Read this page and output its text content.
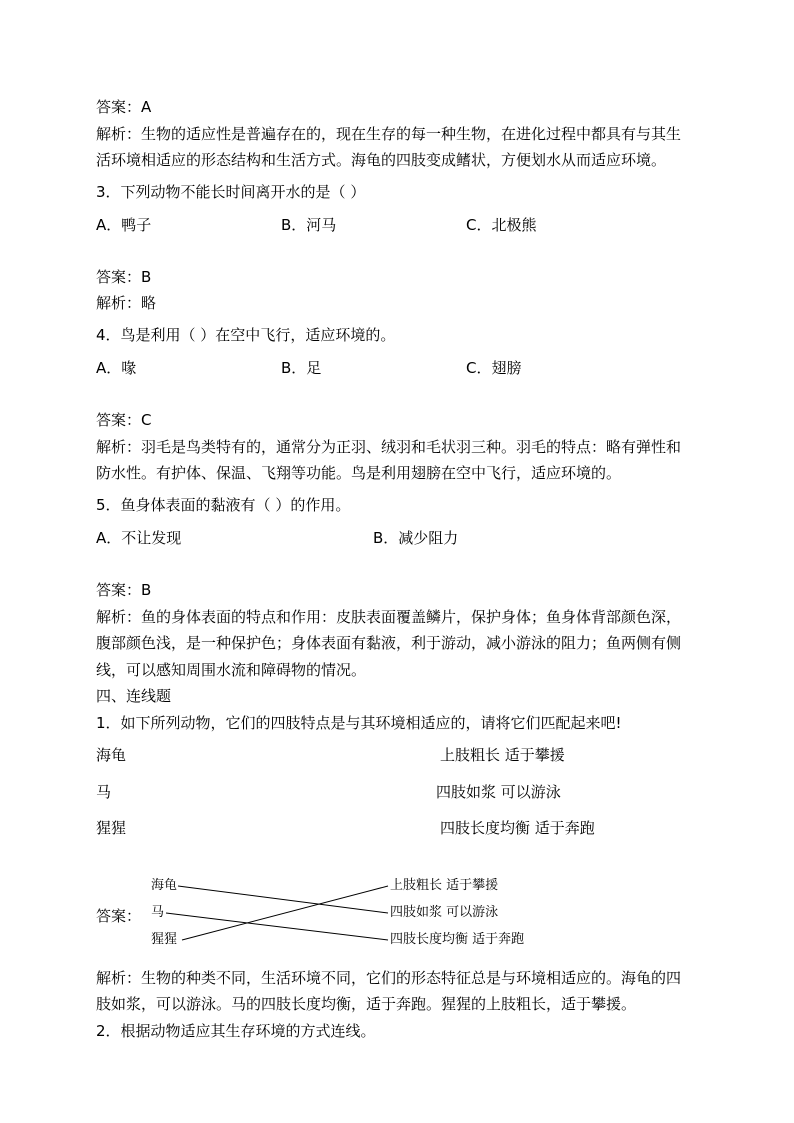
答案：A
解析：生物的适应性是普遍存在的，现在生存的每一种生物，在进化过程中都具有与其生
活环境相适应的形态结构和生活方式。海龟的四肢变成鳍状，方便划水从而适应环境。
3．下列动物不能长时间离开水的是（ ）
A．鸭子	B．河马	C．北极熊
答案：B
解析：略
4．鸟是利用（ ）在空中飞行，适应环境的。
A．喙	B．足	C．翅膀
答案：C
解析：羽毛是鸟类特有的，通常分为正羽、绒羽和毛状羽三种。羽毛的特点：略有弹性和
防水性。有护体、保温、飞翔等功能。鸟是利用翅膀在空中飞行，适应环境的。
5．鱼身体表面的黏液有（ ）的作用。
A．不让发现	B．减少阻力
答案：B
解析：鱼的身体表面的特点和作用：皮肤表面覆盖鳞片，保护身体；鱼身体背部颜色深，
腹部颜色浅，是一种保护色；身体表面有黏液，利于游动，减小游泳的阻力；鱼两侧有侧
线，可以感知周围水流和障碍物的情况。
四、连线题
1．如下所列动物，它们的四肢特点是与其环境相适应的，请将它们匹配起来吧!
海龟	上肢粗长 适于攀援
马	四肢如浆 可以游泳
猩猩	四肢长度均衡 适于奔跑
答案：
海龟
马
猩猩
上肢粗长 适于攀援
四肢如浆 可以游泳
四肢长度均衡 适于奔跑
解析：生物的种类不同，生活环境不同，它们的形态特征总是与环境相适应的。海龟的四
肢如浆，可以游泳。马的四肢长度均衡，适于奔跑。猩猩的上肢粗长，适于攀援。
2．根据动物适应其生存环境的方式连线。
